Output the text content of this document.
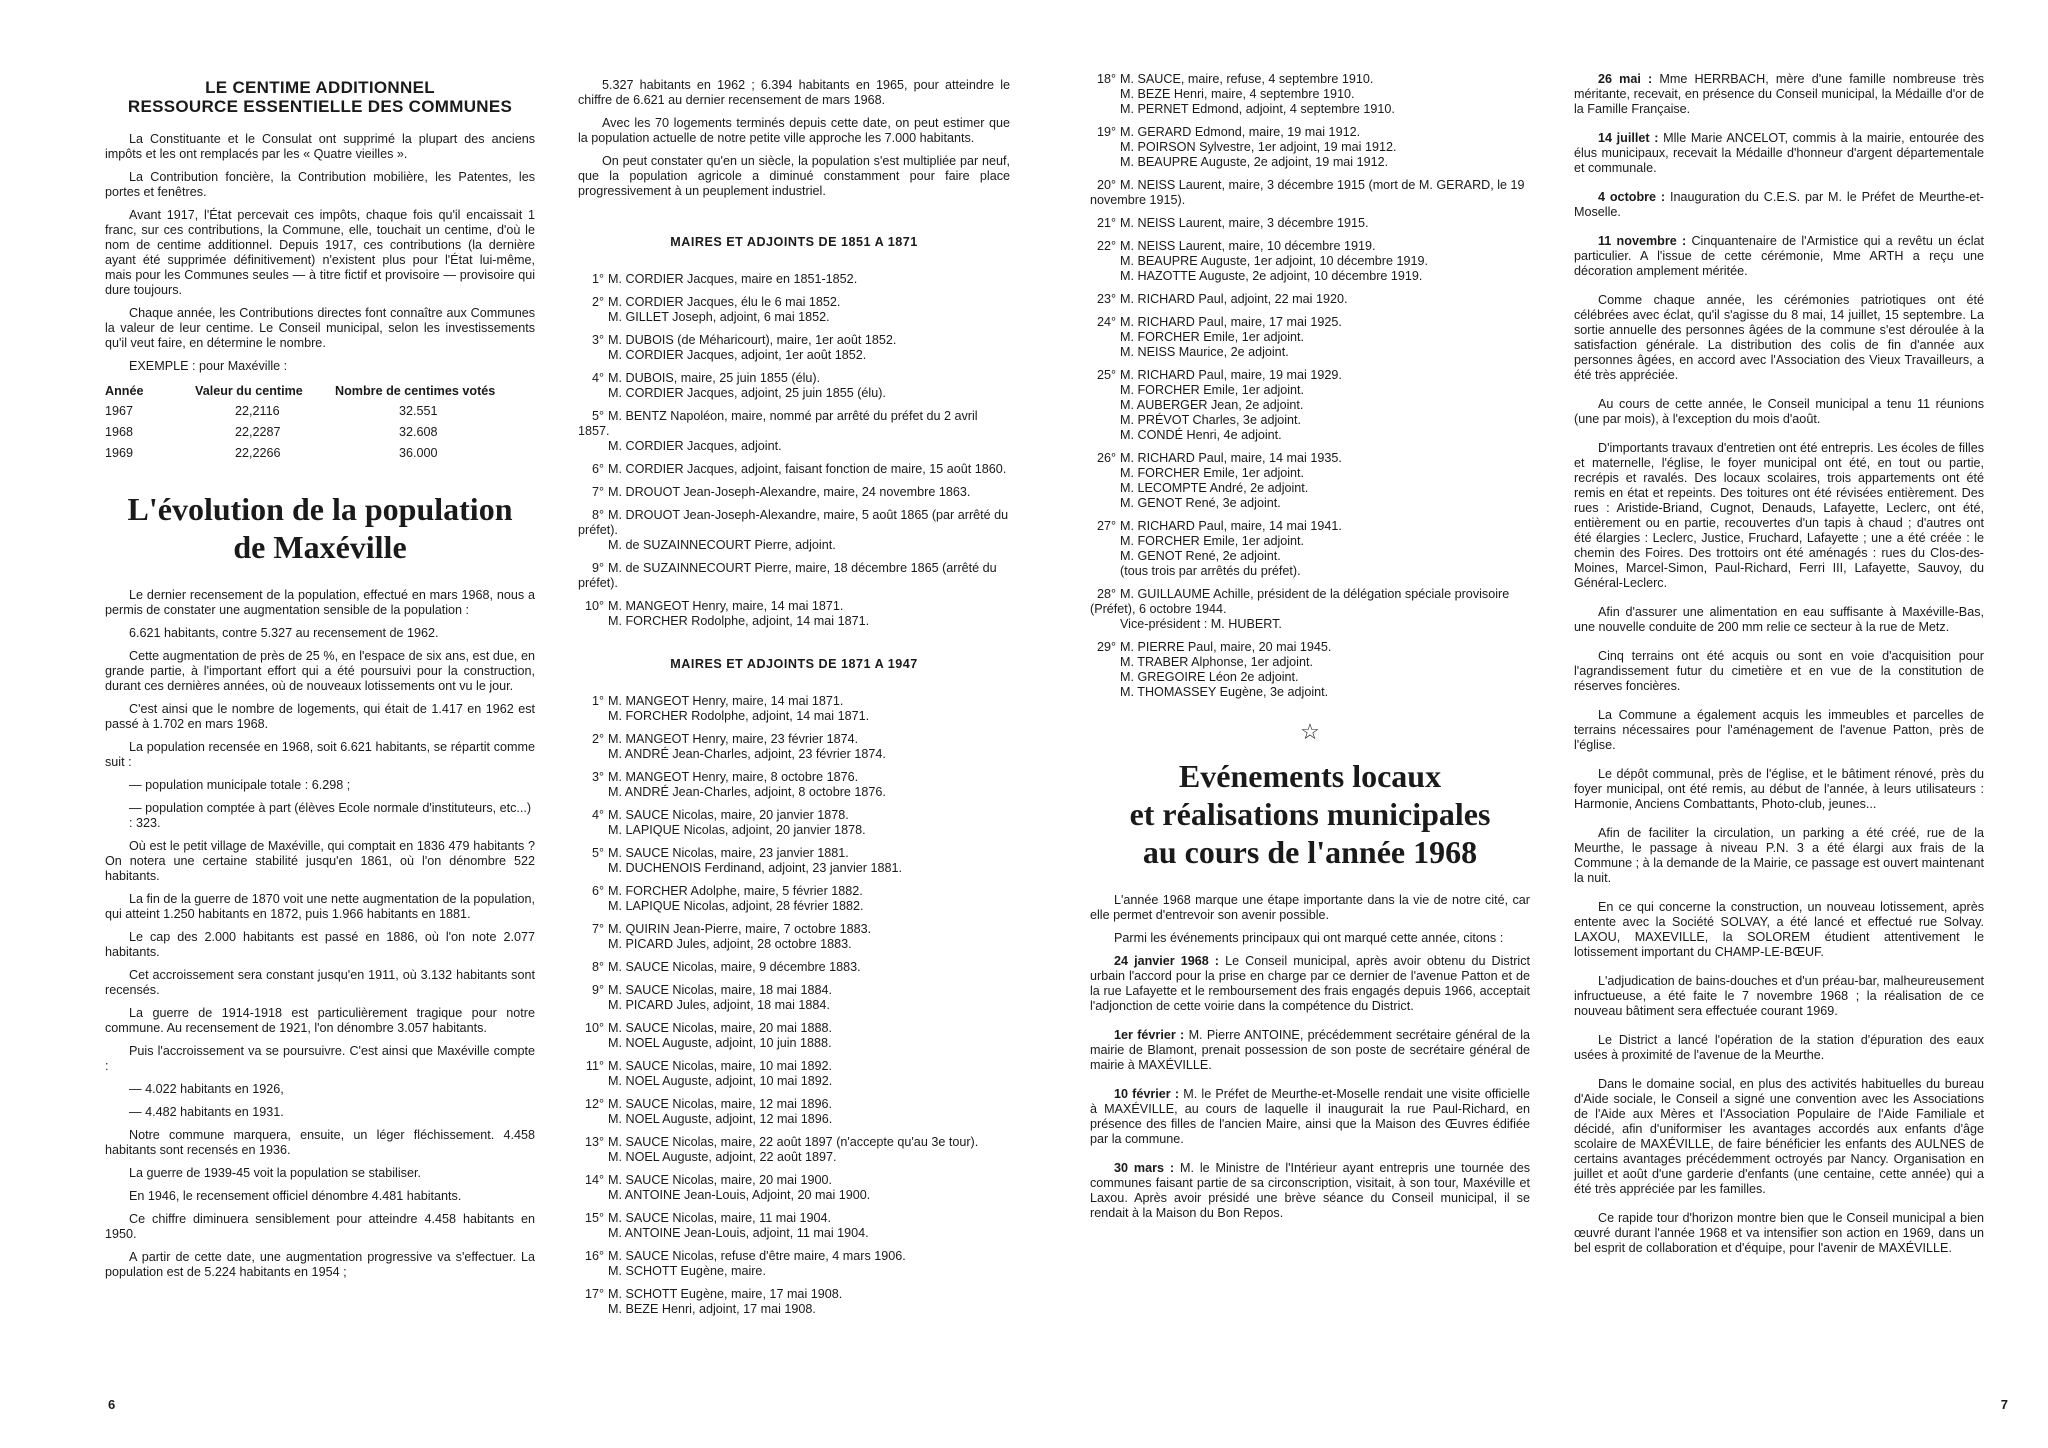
LE CENTIME ADDITIONNEL
RESSOURCE ESSENTIELLE DES COMMUNES

La Constituante et le Consulat ont supprimé la plupart des anciens impôts et les ont remplacés par les « Quatre vieilles ».

La Contribution foncière, la Contribution mobilière, les Patentes, les portes et fenêtres.

Avant 1917, l'État percevait ces impôts, chaque fois qu'il encaissait 1 franc, sur ces contributions, la Commune, elle, touchait un centime, d'où le nom de centime additionnel. Depuis 1917, ces contributions (la dernière ayant été supprimée définitivement) n'existent plus pour l'État lui-même, mais pour les Communes seules — à titre fictif et provisoire — provisoire qui dure toujours.

Chaque année, les Contributions directes font connaître aux Communes la valeur de leur centime. Le Conseil municipal, selon les investissements qu'il veut faire, en détermine le nombre.

EXEMPLE : pour Maxéville :

Année	Valeur du centime	Nombre de centimes votés
1967	22,2116	32.551
1968	22,2287	32.608
1969	22,2266	36.000
L'évolution de la population
de Maxéville

Le dernier recensement de la population, effectué en mars 1968, nous a permis de constater une augmentation sensible de la population :

6.621 habitants, contre 5.327 au recensement de 1962.

Cette augmentation de près de 25 %, en l'espace de six ans, est due, en grande partie, à l'important effort qui a été poursuivi pour la construction, durant ces dernières années, où de nouveaux lotissements ont vu le jour.

C'est ainsi que le nombre de logements, qui était de 1.417 en 1962 est passé à 1.702 en mars 1968.

La population recensée en 1968, soit 6.621 habitants, se répartit comme suit :

— population municipale totale : 6.298 ;
— population comptée à part (élèves Ecole normale d'instituteurs, etc...) : 323.

Où est le petit village de Maxéville, qui comptait en 1836 479 habitants ? On notera une certaine stabilité jusqu'en 1861, où l'on dénombre 522 habitants.

La fin de la guerre de 1870 voit une nette augmentation de la population, qui atteint 1.250 habitants en 1872, puis 1.966 habitants en 1881.

Le cap des 2.000 habitants est passé en 1886, où l'on note 2.077 habitants.

Cet accroissement sera constant jusqu'en 1911, où 3.132 habitants sont recensés.

La guerre de 1914-1918 est particulièrement tragique pour notre commune. Au recensement de 1921, l'on dénombre 3.057 habitants.

Puis l'accroissement va se poursuivre. C'est ainsi que Maxéville compte :

— 4.022 habitants en 1926,
— 4.482 habitants en 1931.

Notre commune marquera, ensuite, un léger fléchissement. 4.458 habitants sont recensés en 1936.

La guerre de 1939-45 voit la population se stabiliser.

En 1946, le recensement officiel dénombre 4.481 habitants.

Ce chiffre diminuera sensiblement pour atteindre 4.458 habitants en 1950.

A partir de cette date, une augmentation progressive va s'effectuer. La population est de 5.224 habitants en 1954 ;

5.327 habitants en 1962 ; 6.394 habitants en 1965, pour atteindre le chiffre de 6.621 au dernier recensement de mars 1968.

Avec les 70 logements terminés depuis cette date, on peut estimer que la population actuelle de notre petite ville approche les 7.000 habitants.

On peut constater qu'en un siècle, la population s'est multipliée par neuf, que la population agricole a diminué constamment pour faire place progressivement à un peuplement industriel.

MAIRES ET ADJOINTS DE 1851 A 1871
1° M. CORDIER Jacques, maire en 1851-1852.
2° M. CORDIER Jacques, élu le 6 mai 1852.
M. GILLET Joseph, adjoint, 6 mai 1852.
3° M. DUBOIS (de Méharicourt), maire, 1er août 1852.
M. CORDIER Jacques, adjoint, 1er août 1852.
4° M. DUBOIS, maire, 25 juin 1855 (élu).
M. CORDIER Jacques, adjoint, 25 juin 1855 (élu).
5° M. BENTZ Napoléon, maire, nommé par arrêté du préfet du 2 avril 1857.
M. CORDIER Jacques, adjoint.
6° M. CORDIER Jacques, adjoint, faisant fonction de maire, 15 août 1860.
7° M. DROUOT Jean-Joseph-Alexandre, maire, 24 novembre 1863.
8° M. DROUOT Jean-Joseph-Alexandre, maire, 5 août 1865 (par arrêté du préfet).
M. de SUZAINNECOURT Pierre, adjoint.
9° M. de SUZAINNECOURT Pierre, maire, 18 décembre 1865 (arrêté du préfet).
10° M. MANGEOT Henry, maire, 14 mai 1871.
M. FORCHER Rodolphe, adjoint, 14 mai 1871.
MAIRES ET ADJOINTS DE 1871 A 1947
1° M. MANGEOT Henry, maire, 14 mai 1871.
M. FORCHER Rodolphe, adjoint, 14 mai 1871.
2° M. MANGEOT Henry, maire, 23 février 1874.
M. ANDRÉ Jean-Charles, adjoint, 23 février 1874.
3° M. MANGEOT Henry, maire, 8 octobre 1876.
M. ANDRÉ Jean-Charles, adjoint, 8 octobre 1876.
4° M. SAUCE Nicolas, maire, 20 janvier 1878.
M. LAPIQUE Nicolas, adjoint, 20 janvier 1878.
5° M. SAUCE Nicolas, maire, 23 janvier 1881.
M. DUCHENOIS Ferdinand, adjoint, 23 janvier 1881.
6° M. FORCHER Adolphe, maire, 5 février 1882.
M. LAPIQUE Nicolas, adjoint, 28 février 1882.
7° M. QUIRIN Jean-Pierre, maire, 7 octobre 1883.
M. PICARD Jules, adjoint, 28 octobre 1883.
8° M. SAUCE Nicolas, maire, 9 décembre 1883.
9° M. SAUCE Nicolas, maire, 18 mai 1884.
M. PICARD Jules, adjoint, 18 mai 1884.
10° M. SAUCE Nicolas, maire, 20 mai 1888.
M. NOEL Auguste, adjoint, 10 juin 1888.
11° M. SAUCE Nicolas, maire, 10 mai 1892.
M. NOEL Auguste, adjoint, 10 mai 1892.
12° M. SAUCE Nicolas, maire, 12 mai 1896.
M. NOEL Auguste, adjoint, 12 mai 1896.
13° M. SAUCE Nicolas, maire, 22 août 1897 (n'accepte qu'au 3e tour).
M. NOEL Auguste, adjoint, 22 août 1897.
14° M. SAUCE Nicolas, maire, 20 mai 1900.
M. ANTOINE Jean-Louis, Adjoint, 20 mai 1900.
15° M. SAUCE Nicolas, maire, 11 mai 1904.
M. ANTOINE Jean-Louis, adjoint, 11 mai 1904.
16° M. SAUCE Nicolas, refuse d'être maire, 4 mars 1906.
M. SCHOTT Eugène, maire.
17° M. SCHOTT Eugène, maire, 17 mai 1908.
M. BEZE Henri, adjoint, 17 mai 1908.
6
18° M. SAUCE, maire, refuse, 4 septembre 1910.
M. BEZE Henri, maire, 4 septembre 1910.
M. PERNET Edmond, adjoint, 4 septembre 1910.
19° M. GERARD Edmond, maire, 19 mai 1912.
M. POIRSON Sylvestre, 1er adjoint, 19 mai 1912.
M. BEAUPRE Auguste, 2e adjoint, 19 mai 1912.
20° M. NEISS Laurent, maire, 3 décembre 1915 (mort de M. GERARD, le 19 novembre 1915).
21° M. NEISS Laurent, maire, 3 décembre 1915.
22° M. NEISS Laurent, maire, 10 décembre 1919.
M. BEAUPRE Auguste, 1er adjoint, 10 décembre 1919.
M. HAZOTTE Auguste, 2e adjoint, 10 décembre 1919.
23° M. RICHARD Paul, adjoint, 22 mai 1920.
24° M. RICHARD Paul, maire, 17 mai 1925.
M. FORCHER Emile, 1er adjoint.
M. NEISS Maurice, 2e adjoint.
25° M. RICHARD Paul, maire, 19 mai 1929.
M. FORCHER Emile, 1er adjoint.
M. AUBERGER Jean, 2e adjoint.
M. PRÉVOT Charles, 3e adjoint.
M. CONDÉ Henri, 4e adjoint.
26° M. RICHARD Paul, maire, 14 mai 1935.
M. FORCHER Emile, 1er adjoint.
M. LECOMPTE André, 2e adjoint.
M. GENOT René, 3e adjoint.
27° M. RICHARD Paul, maire, 14 mai 1941.
M. FORCHER Emile, 1er adjoint.
M. GENOT René, 2e adjoint.
(tous trois par arrêtés du préfet).
28° M. GUILLAUME Achille, président de la délégation spéciale provisoire (Préfet), 6 octobre 1944.
Vice-président : M. HUBERT.
29° M. PIERRE Paul, maire, 20 mai 1945.
M. TRABER Alphonse, 1er adjoint.
M. GREGOIRE Léon 2e adjoint.
M. THOMASSEY Eugène, 3e adjoint.
☆
Evénements locaux
et réalisations municipales
au cours de l'année 1968

L'année 1968 marque une étape importante dans la vie de notre cité, car elle permet d'entrevoir son avenir possible.

Parmi les événements principaux qui ont marqué cette année, citons :

24 janvier 1968 : Le Conseil municipal, après avoir obtenu du District urbain l'accord pour la prise en charge par ce dernier de l'avenue Patton et de la rue Lafayette et le remboursement des frais engagés depuis 1966, acceptait l'adjonction de cette voirie dans la compétence du District.

1er février : M. Pierre ANTOINE, précédemment secrétaire général de la mairie de Blamont, prenait possession de son poste de secrétaire général de mairie à MAXÉVILLE.

10 février : M. le Préfet de Meurthe-et-Moselle rendait une visite officielle à MAXÉVILLE, au cours de laquelle il inaugurait la rue Paul-Richard, en présence des filles de l'ancien Maire, ainsi que la Maison des Œuvres édifiée par la commune.

30 mars : M. le Ministre de l'Intérieur ayant entrepris une tournée des communes faisant partie de sa circonscription, visitait, à son tour, Maxéville et Laxou. Après avoir présidé une brève séance du Conseil municipal, il se rendait à la Maison du Bon Repos.

26 mai : Mme HERRBACH, mère d'une famille nombreuse très méritante, recevait, en présence du Conseil municipal, la Médaille d'or de la Famille Française.

14 juillet : Mlle Marie ANCELOT, commis à la mairie, entourée des élus municipaux, recevait la Médaille d'honneur d'argent départementale et communale.

4 octobre : Inauguration du C.E.S. par M. le Préfet de Meurthe-et-Moselle.

11 novembre : Cinquantenaire de l'Armistice qui a revêtu un éclat particulier. A l'issue de cette cérémonie, Mme ARTH a reçu une décoration amplement méritée.

Comme chaque année, les cérémonies patriotiques ont été célébrées avec éclat, qu'il s'agisse du 8 mai, 14 juillet, 15 septembre. La sortie annuelle des personnes âgées de la commune s'est déroulée à la satisfaction générale. La distribution des colis de fin d'année aux personnes âgées, en accord avec l'Association des Vieux Travailleurs, a été très appréciée.

Au cours de cette année, le Conseil municipal a tenu 11 réunions (une par mois), à l'exception du mois d'août.

D'importants travaux d'entretien ont été entrepris. Les écoles de filles et maternelle, l'église, le foyer municipal ont été, en tout ou partie, recrépis et ravalés. Des locaux scolaires, trois appartements ont été remis en état et repeints. Des toitures ont été révisées entièrement. Des rues : Aristide-Briand, Cugnot, Denauds, Lafayette, Leclerc, ont été, entièrement ou en partie, recouvertes d'un tapis à chaud ; d'autres ont été élargies : Leclerc, Justice, Fruchard, Lafayette ; une a été créée : le chemin des Foires. Des trottoirs ont été aménagés : rues du Clos-des-Moines, Marcel-Simon, Paul-Richard, Ferri III, Lafayette, Sauvoy, du Général-Leclerc.

Afin d'assurer une alimentation en eau suffisante à Maxéville-Bas, une nouvelle conduite de 200 mm relie ce secteur à la rue de Metz.

Cinq terrains ont été acquis ou sont en voie d'acquisition pour l'agrandissement futur du cimetière et en vue de la constitution de réserves foncières.

La Commune a également acquis les immeubles et parcelles de terrains nécessaires pour l'aménagement de l'avenue Patton, près de l'église.

Le dépôt communal, près de l'église, et le bâtiment rénové, près du foyer municipal, ont été remis, au début de l'année, à leurs utilisateurs : Harmonie, Anciens Combattants, Photo-club, jeunes...

Afin de faciliter la circulation, un parking a été créé, rue de la Meurthe, le passage à niveau P.N. 3 a été élargi aux frais de la Commune ; à la demande de la Mairie, ce passage est ouvert maintenant la nuit.

En ce qui concerne la construction, un nouveau lotissement, après entente avec la Société SOLVAY, a été lancé et effectué rue Solvay. LAXOU, MAXEVILLE, la SOLOREM étudient attentivement le lotissement important du CHAMP-LE-BŒUF.

L'adjudication de bains-douches et d'un préau-bar, malheureusement infructueuse, a été faite le 7 novembre 1968 ; la réalisation de ce nouveau bâtiment sera effectuée courant 1969.

Le District a lancé l'opération de la station d'épuration des eaux usées à proximité de l'avenue de la Meurthe.

Dans le domaine social, en plus des activités habituelles du bureau d'Aide sociale, le Conseil a signé une convention avec les Associations de l'Aide aux Mères et l'Association Populaire de l'Aide Familiale et décidé, afin d'uniformiser les avantages accordés aux enfants d'âge scolaire de MAXÉVILLE, de faire bénéficier les enfants des AULNES de certains avantages précédemment octroyés par Nancy. Organisation en juillet et août d'une garderie d'enfants (une centaine, cette année) qui a été très appréciée par les familles.

Ce rapide tour d'horizon montre bien que le Conseil municipal a bien œuvré durant l'année 1968 et va intensifier son action en 1969, dans un bel esprit de collaboration et d'équipe, pour l'avenir de MAXÉVILLE.

7
